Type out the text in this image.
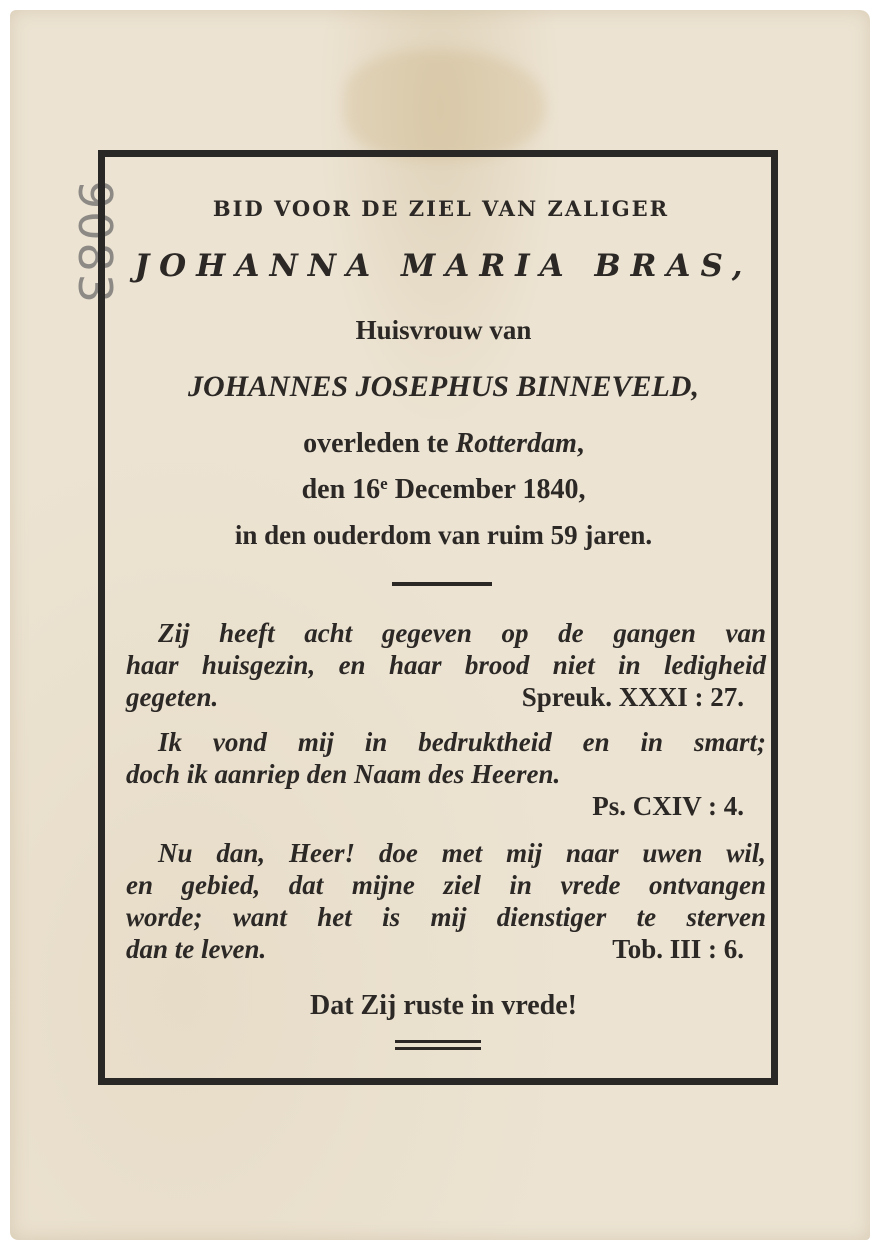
BID VOOR DE ZIEL VAN ZALIGER
JOHANNA MARIA BRAS,
Huisvrouw van
JOHANNES JOSEPHUS BINNEVELD,
overleden te Rotterdam,
den 16e December 1840,
in den ouderdom van ruim 59 jaren.
Zij heeft acht gegeven op de gangen van
haar huisgezin, en haar brood niet in ledigheid
gegeten.	Spreuk. XXXI : 27.
Ik vond mij in bedruktheid en in smart;
doch ik aanriep den Naam des Heeren.
Ps. CXIV : 4.
Nu dan, Heer! doe met mij naar uwen wil,
en gebied, dat mijne ziel in vrede ontvangen
worde; want het is mij dienstiger te sterven
dan te leven.	Tob. III : 6.
Dat Zij ruste in vrede!
